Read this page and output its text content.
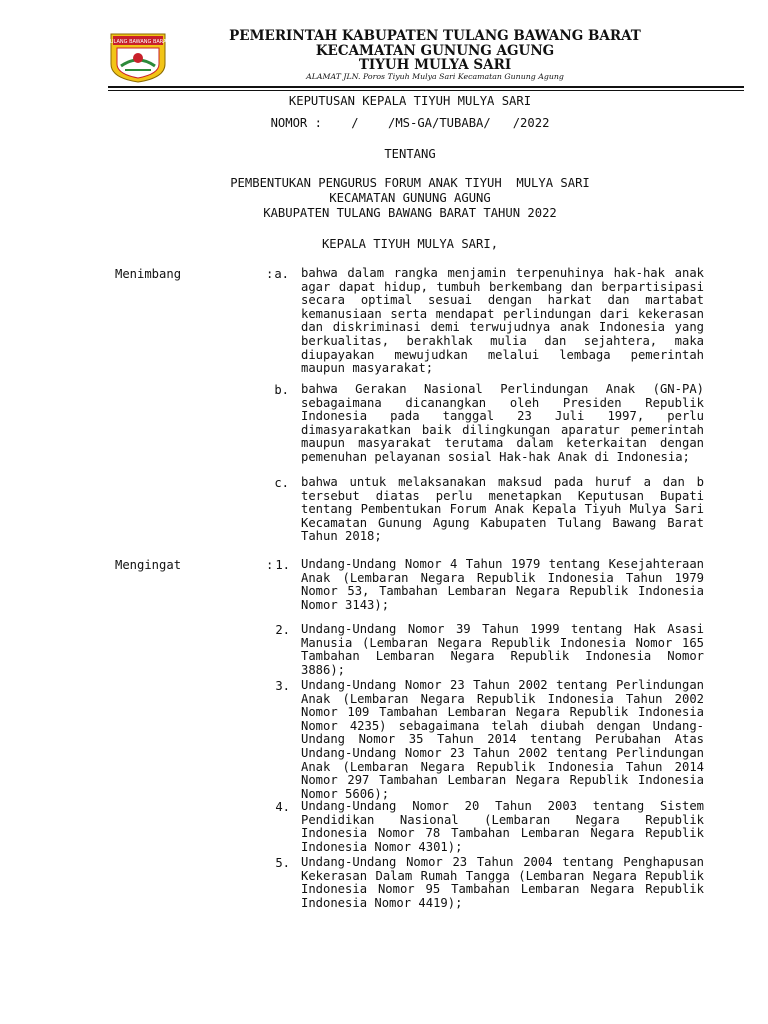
TULANG BAWANG BARAT	PEMERINTAH KABUPATEN TULANG BAWANG BARAT
KECAMATAN GUNUNG AGUNG
TIYUH MULYA SARI
ALAMAT JLN. Poros Tiyuh Mulya Sari Kecamatan Gunung Agung
KEPUTUSAN KEPALA TIYUH MULYA SARI
NOMOR :    /    /MS-GA/TUBABA/   /2022
TENTANG
PEMBENTUKAN PENGURUS FORUM ANAK TIYUH  MULYA SARI
KECAMATAN GUNUNG AGUNG
KABUPATEN TULANG BAWANG BARAT TAHUN 2022
KEPALA TIYUH MULYA SARI,
Menimbang	: a. bahwa dalam rangka menjamin terpenuhinya hak-hak anak agar dapat hidup, tumbuh berkembang dan berpartisipasi secara optimal sesuai dengan harkat dan martabat kemanusiaan serta mendapat perlindungan dari kekerasan dan diskriminasi demi terwujudnya anak Indonesia yang berkualitas, berakhlak mulia dan sejahtera, maka diupayakan mewujudkan melalui lembaga pemerintah maupun masyarakat;

b. bahwa Gerakan Nasional Perlindungan Anak (GN-PA) sebagaimana dicanangkan oleh Presiden Republik Indonesia pada tanggal 23 Juli 1997, perlu dimasyarakatkan baik dilingkungan aparatur pemerintah maupun masyarakat terutama dalam keterkaitan dengan pemenuhan pelayanan sosial Hak-hak Anak di Indonesia;

c. bahwa untuk melaksanakan maksud pada huruf a dan b tersebut diatas perlu menetapkan Keputusan Bupati tentang Pembentukan Forum Anak Kepala Tiyuh Mulya Sari Kecamatan Gunung Agung Kabupaten Tulang Bawang Barat Tahun 2018;

Mengingat	: 1. Undang-Undang Nomor 4 Tahun 1979 tentang Kesejahteraan Anak (Lembaran Negara Republik Indonesia Tahun 1979 Nomor 53, Tambahan Lembaran Negara Republik Indonesia Nomor 3143);

2. Undang-Undang Nomor 39 Tahun 1999 tentang Hak Asasi Manusia (Lembaran Negara Republik Indonesia Nomor 165 Tambahan Lembaran Negara Republik Indonesia Nomor 3886);

3. Undang-Undang Nomor 23 Tahun 2002 tentang Perlindungan Anak (Lembaran Negara Republik Indonesia Tahun 2002 Nomor 109 Tambahan Lembaran Negara Republik Indonesia Nomor 4235) sebagaimana telah diubah dengan Undang-Undang Nomor 35 Tahun 2014 tentang Perubahan Atas Undang-Undang Nomor 23 Tahun 2002 tentang Perlindungan Anak (Lembaran Negara Republik Indonesia Tahun 2014 Nomor 297 Tambahan Lembaran Negara Republik Indonesia Nomor 5606);

4. Undang-Undang Nomor 20 Tahun 2003 tentang Sistem Pendidikan Nasional (Lembaran Negara Republik Indonesia Nomor 78 Tambahan Lembaran Negara Republik Indonesia Nomor 4301);

5. Undang-Undang Nomor 23 Tahun 2004 tentang Penghapusan Kekerasan Dalam Rumah Tangga (Lembaran Negara Republik Indonesia Nomor 95 Tambahan Lembaran Negara Republik Indonesia Nomor 4419);
